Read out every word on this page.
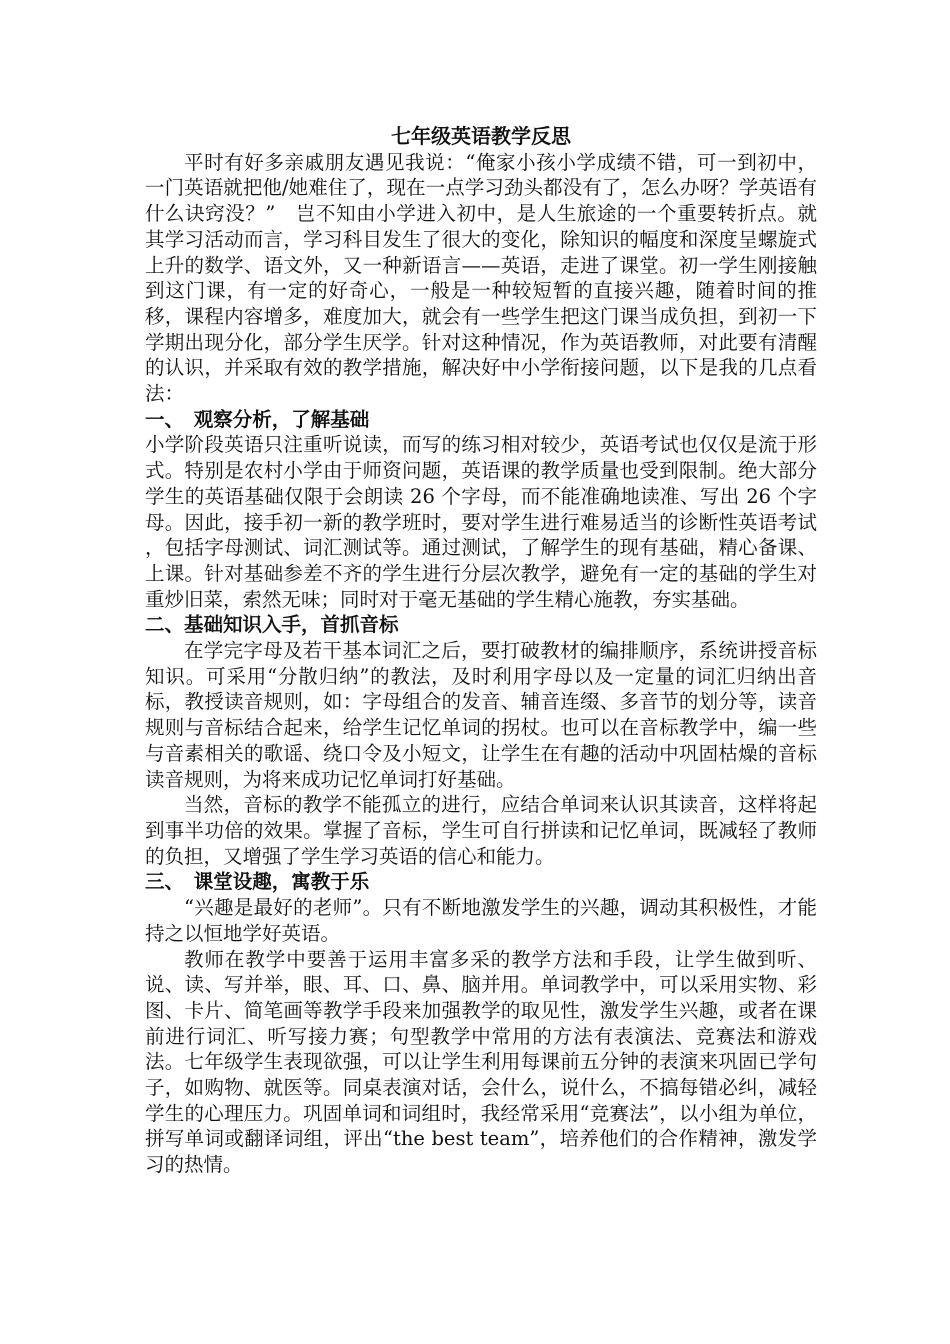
七年级英语教学反思

平时有好多亲戚朋友遇见我说：“俺家小孩小学成绩不错，可一到初中，一门英语就把他/她难住了，现在一点学习劲头都没有了，怎么办呀？学英语有什么诀窍没？”　岂不知由小学进入初中，是人生旅途的一个重要转折点。就其学习活动而言，学习科目发生了很大的变化，除知识的幅度和深度呈螺旋式上升的数学、语文外，又一种新语言——英语，走进了课堂。初一学生刚接触到这门课，有一定的好奇心，一般是一种较短暂的直接兴趣，随着时间的推移，课程内容增多，难度加大，就会有一些学生把这门课当成负担，到初一下学期出现分化，部分学生厌学。针对这种情况，作为英语教师，对此要有清醒的认识，并采取有效的教学措施，解决好中小学衔接问题，以下是我的几点看法：

一、　观察分析，了解基础

小学阶段英语只注重听说读，而写的练习相对较少，英语考试也仅仅是流于形式。特别是农村小学由于师资问题，英语课的教学质量也受到限制。绝大部分学生的英语基础仅限于会朗读 26 个字母，而不能准确地读准、写出 26 个字母。因此，接手初一新的教学班时，要对学生进行难易适当的诊断性英语考试 ，包括字母测试、词汇测试等。通过测试，了解学生的现有基础，精心备课、上课。针对基础参差不齐的学生进行分层次教学，避免有一定的基础的学生对重炒旧菜，索然无味；同时对于毫无基础的学生精心施教，夯实基础。

二、基础知识入手，首抓音标

在学完字母及若干基本词汇之后，要打破教材的编排顺序，系统讲授音标知识。可采用“分散归纳”的教法，及时利用字母以及一定量的词汇归纳出音标，教授读音规则，如：字母组合的发音、辅音连缀、多音节的划分等，读音规则与音标结合起来，给学生记忆单词的拐杖。也可以在音标教学中，编一些与音素相关的歌谣、绕口令及小短文，让学生在有趣的活动中巩固枯燥的音标读音规则，为将来成功记忆单词打好基础。

当然，音标的教学不能孤立的进行，应结合单词来认识其读音，这样将起到事半功倍的效果。掌握了音标，学生可自行拼读和记忆单词，既减轻了教师的负担，又增强了学生学习英语的信心和能力。

三、　课堂设趣，寓教于乐

“兴趣是最好的老师”。只有不断地激发学生的兴趣，调动其积极性，才能持之以恒地学好英语。

教师在教学中要善于运用丰富多采的教学方法和手段，让学生做到听、说、读、写并举，眼、耳、口、鼻、脑并用。单词教学中，可以采用实物、彩图、卡片、简笔画等教学手段来加强教学的取见性，激发学生兴趣，或者在课前进行词汇、听写接力赛；句型教学中常用的方法有表演法、竞赛法和游戏法。七年级学生表现欲强，可以让学生利用每课前五分钟的表演来巩固已学句子，如购物、就医等。同桌表演对话，会什么，说什么，不搞每错必纠，减轻学生的心理压力。巩固单词和词组时，我经常采用“竞赛法”，以小组为单位，拼写单词或翻译词组，评出“the best team”，培养他们的合作精神，激发学习的热情。
